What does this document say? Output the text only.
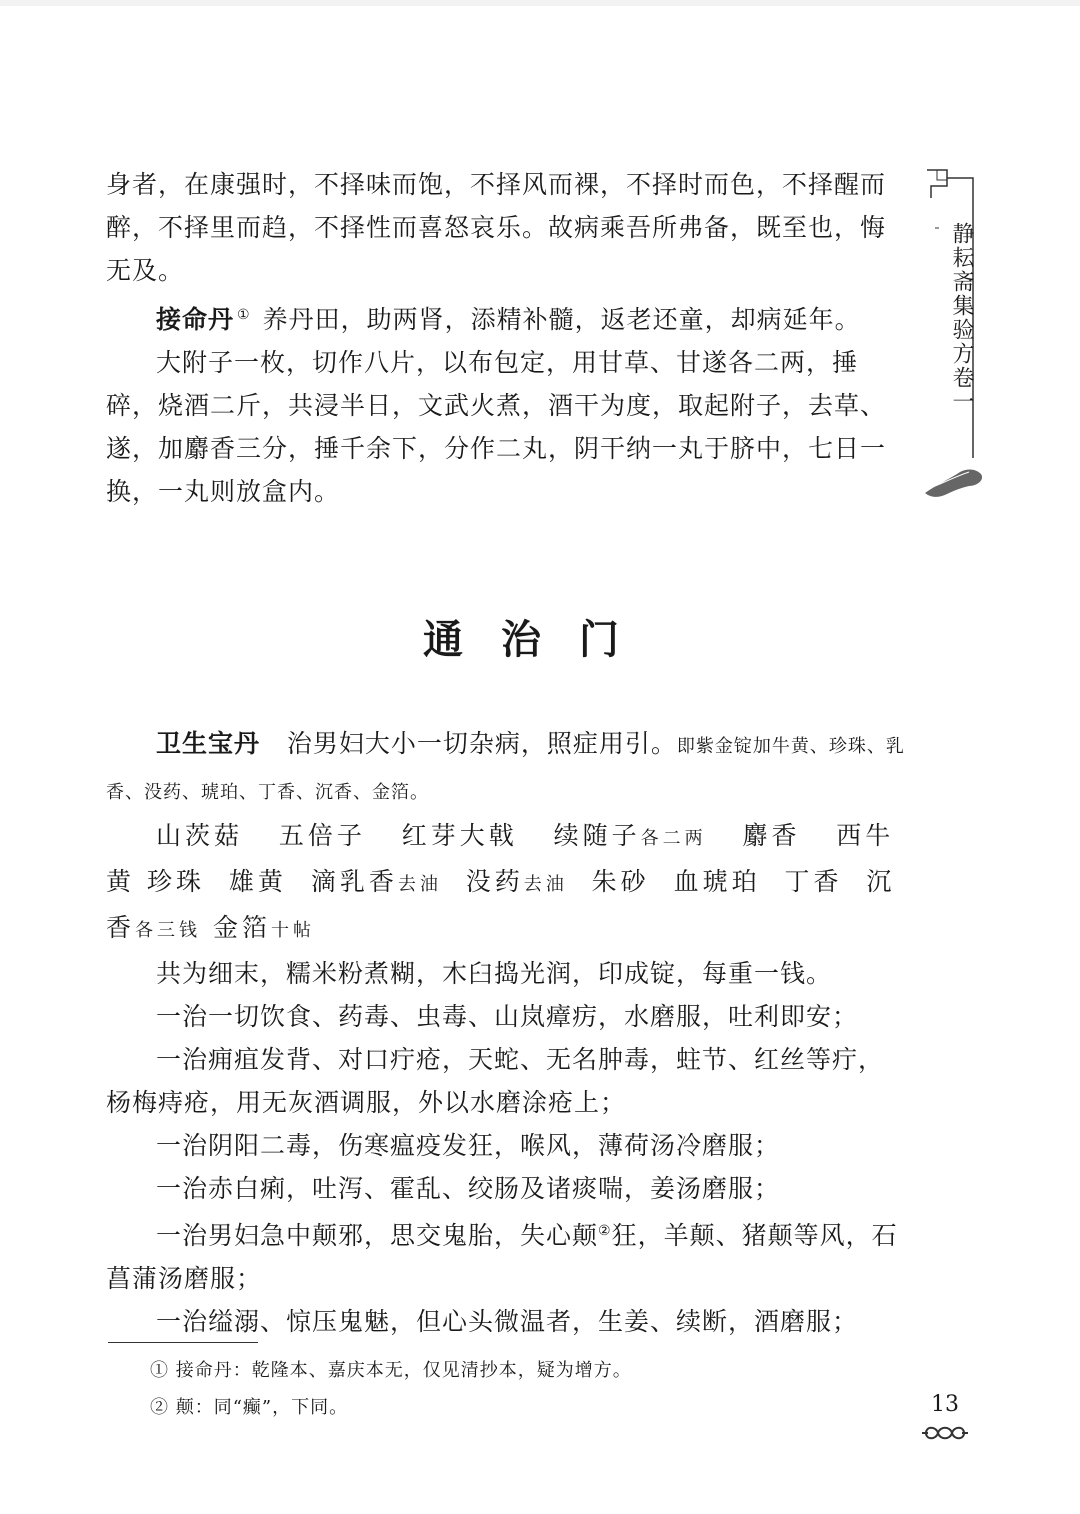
静耘斋集验方卷一

身者，在康强时，不择味而饱，不择风而裸，不择时而色，不择醒而醉，不择里而趋，不择性而喜怒哀乐。故病乘吾所弗备，既至也，悔无及。

接命丹 ① 养丹田，助两肾，添精补髓，返老还童，却病延年。

大附子一枚，切作八片，以布包定，用甘草、甘遂各二两，捶碎，烧酒二斤，共浸半日，文武火煮，酒干为度，取起附子，去草、遂，加麝香三分，捶千余下，分作二丸，阴干纳一丸于脐中，七日一换，一丸则放盒内。

通治门

卫生宝丹 治男妇大小一切杂病，照症用引。即紫金锭加牛黄、珍珠、乳香、没药、琥珀、丁香、沉香、金箔。

山茨菇 五倍子 红芽大戟 续随子各二两 麝香 西牛黄 珍珠 雄黄 滴乳香去油 没药去油 朱砂 血琥珀 丁香 沉香各三钱 金箔十帖

共为细末，糯米粉煮糊，木臼捣光润，印成锭，每重一钱。

一治一切饮食、药毒、虫毒、山岚瘴疠，水磨服，吐利即安；

一治痈疽发背、对口疔疮，天蛇、无名肿毒，蛀节、红丝等疔，杨梅痔疮，用无灰酒调服，外以水磨涂疮上；

一治阴阳二毒，伤寒瘟疫发狂，喉风，薄荷汤冷磨服；

一治赤白痢，吐泻、霍乱、绞肠及诸痰喘，姜汤磨服；

一治男妇急中颠邪，思交鬼胎，失心颠②狂，羊颠、猪颠等风，石菖蒲汤磨服；

一治缢溺、惊压鬼魅，但心头微温者，生姜、续断，酒磨服；

① 接命丹：乾隆本、嘉庆本无，仅见清抄本，疑为增方。
② 颠：同“癫”，下同。	13
